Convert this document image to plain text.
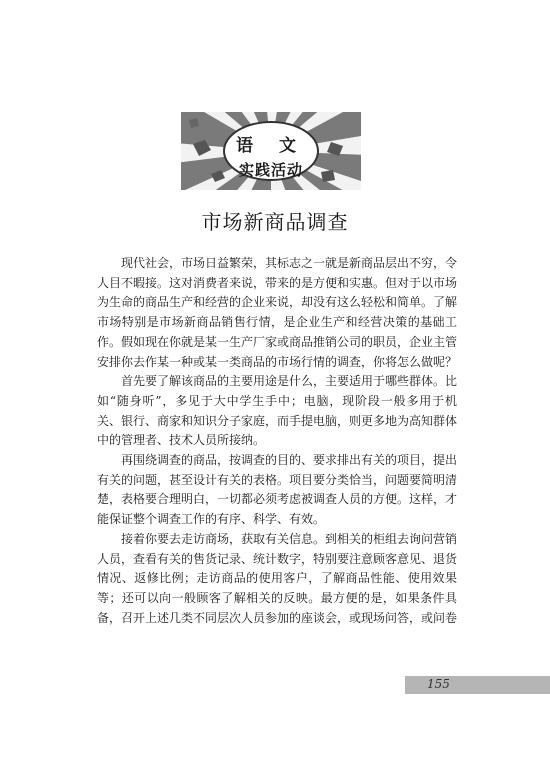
语 文
实践活动
市场新商品调查

现代社会，市场日益繁荣，其标志之一就是新商品层出不穷，令人目不暇接。这对消费者来说，带来的是方便和实惠。但对于以市场为生命的商品生产和经营的企业来说，却没有这么轻松和简单。了解市场特别是市场新商品销售行情，是企业生产和经营决策的基础工作。假如现在你就是某一生产厂家或商品推销公司的职员，企业主管安排你去作某一种或某一类商品的市场行情的调查，你将怎么做呢？

首先要了解该商品的主要用途是什么，主要适用于哪些群体。比如“随身听”，多见于大中学生手中；电脑，现阶段一般多用于机关、银行、商家和知识分子家庭，而手提电脑，则更多地为高知群体中的管理者、技术人员所接纳。

再围绕调查的商品，按调查的目的、要求排出有关的项目，提出有关的问题，甚至设计有关的表格。项目要分类恰当，问题要简明清楚，表格要合理明白，一切都必须考虑被调查人员的方便。这样，才能保证整个调查工作的有序、科学、有效。

接着你要去走访商场，获取有关信息。到相关的柜组去询问营销人员，查看有关的售货记录、统计数字，特别要注意顾客意见、退货情况、返修比例；走访商品的使用客户，了解商品性能、使用效果等；还可以向一般顾客了解相关的反映。最方便的是，如果条件具备，召开上述几类不同层次人员参加的座谈会，或现场问答，或问卷

155
